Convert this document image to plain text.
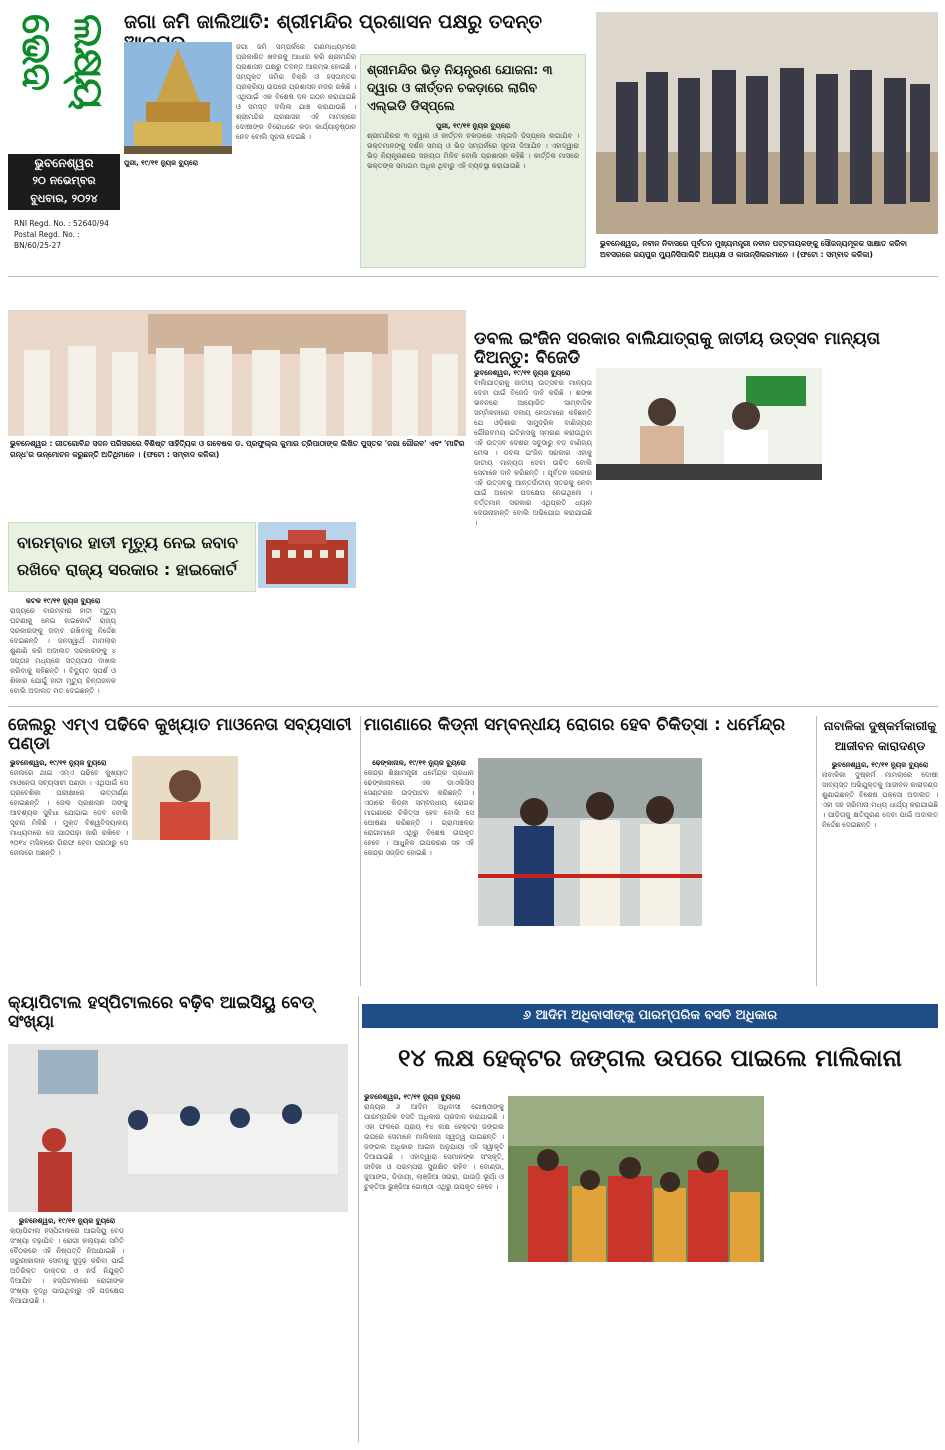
ଲକ୍ଷ୍ୟ ଭେଦ
ଭୁବନେଶ୍ୱର
୨୦ ନଭେମ୍ବର
ବୁଧବାର, ୨୦୨୪
RNI Regd. No. : 52640/94
Postal Regd. No. :
BN/60/25-27
ଜଗା ଜମି ଜାଲିଆତି: ଶ୍ରୀମନ୍ଦିର ପ୍ରଶାସନ ପକ୍ଷରୁ ତଦନ୍ତ
ଜଗା ଜମି ସମ୍ପର୍କରେ ଗଣମାଧ୍ୟମରେ ପ୍ରକାଶିତ ଖବରକୁ ଆଧାର କରି ଶ୍ରୀମନ୍ଦିର ପ୍ରଶାସନ ପକ୍ଷରୁ ତଦନ୍ତ ଆରମ୍ଭ ହୋଇଛି । ସମ୍ପୃକ୍ତ ଜମିର ବିକ୍ରି ଓ ହସ୍ତାନ୍ତର ପ୍ରକ୍ରିୟା ଉପରେ ପ୍ରଶାସନ ନଜର ରଖିଛି । ଏଥିପାଇଁ ଏକ ବିଶେଷ ଦଳ ଗଠନ କରାଯାଇଛି ଓ ସମସ୍ତ ଦଲିଲ ଯାଞ୍ଚ କରାଯାଉଛି । ଶ୍ରୀମନ୍ଦିର ପ୍ରଶାସନ ଏହି ମାମଲାରେ ଦୋଷୀଙ୍କ ବିରୋଧରେ କଡ଼ା କାର୍ଯ୍ୟାନୁଷ୍ଠାନ ନେବ ବୋଲି ସୂଚନା ଦେଇଛି ।
ପୁରୀ, ୧୯/୧୧ ନ୍ୟୁଜ ବ୍ୟୁରୋ
ଶ୍ରୀମନ୍ଦିର ଭିଡ଼ ନିୟନ୍ତ୍ରଣ ଯୋଜନା: ୩ ଦ୍ୱାର ଓ କୀର୍ତ୍ତନ ଚକଡ଼ାରେ ଲାଗିବ ଏଲ୍‌ଇଡି ଡିସ୍‌ପ୍ଲେ
ପୁରୀ, ୧୯/୧୧ ନ୍ୟୁଜ ବ୍ୟୁରୋ
ଶ୍ରୀମନ୍ଦିରର ୩ ଦ୍ୱାର ଓ କୀର୍ତ୍ତନ ଚକଡ଼ାରେ ଏଲ୍‌ଇଡି ଡିସ୍‌ପ୍ଲେ ଲଗାଯିବ । ଭକ୍ତମାନଙ୍କୁ ଦର୍ଶନ ସମୟ ଓ ଭିଡ଼ ସମ୍ପର୍କରେ ସୂଚନା ଦିଆଯିବ । ଏହାଦ୍ୱାରା ଭିଡ଼ ନିୟନ୍ତ୍ରଣରେ ସହାୟତା ମିଳିବ ବୋଲି ପ୍ରଶାସନ କହିଛି । କାର୍ତ୍ତିକ ମାସରେ ଭକ୍ତଙ୍କ ସମାଗମ ଅଧିକ ଥିବାରୁ ଏହି ବ୍ୟବସ୍ଥା କରାଯାଉଛି ।
ଭୁବନେଶ୍ୱର, ନବୀନ ନିବାସରେ ପୂର୍ବତନ ମୁଖ୍ୟମନ୍ତ୍ରୀ ନବୀନ ପଟ୍ଟନାୟକଙ୍କୁ ସୌଜନ୍ୟମୂଳକ ସାକ୍ଷାତ କରିବା ଅବସରରେ ଜୟପୁର ମ୍ୟୁନିସିପାଲିଟି ଅଧ୍ୟକ୍ଷ ଓ କାଉନ୍‌ସିଲରମାନେ । (ଫଟୋ : ସମ୍ବାଦ କଳିକା)
ଭୁବନେଶ୍ୱର : ଗୀତଗୋବିନ୍ଦ ସଦନ ପରିସରରେ ବିଶିଷ୍ଟ ସାହିତ୍ୟିକ ଓ ଗବେଷକ ଡ. ପ୍ରଫୁଲ୍ଲ କୁମାର ତ୍ରିପାଠୀଙ୍କ ଲିଖିତ ପୁସ୍ତକ 'ଜଗା ଗୌରବ' ଏବଂ 'ମାଟିର ଗନ୍ଧ'ର ଉନ୍ମୋଚନ କରୁଛନ୍ତି ଅତିଥିମାନେ । (ଫଟୋ : ସମ୍ବାଦ କଳିକା)
ଡବଲ ଇଂଜିନ ସରକାର ବାଲିଯାତ୍ରାକୁ ଜାତୀୟ ଉତ୍ସବ ମାନ୍ୟତା ଦିଅନ୍ତୁ: ବିଜେଡି
ଭୁବନେଶ୍ୱର, ୧୯/୧୧ ନ୍ୟୁଜ ବ୍ୟୁରୋ
ବାଲିଯାତ୍ରାକୁ ଜାତୀୟ ଉତ୍ସବର ମାନ୍ୟତା ଦେବା ପାଇଁ ବିଜେଡି ଦାବି କରିଛି । ଶଙ୍ଖ ଭବନରେ ଆୟୋଜିତ ସାମ୍ବାଦିକ ସମ୍ମିଳନୀରେ ଦଳୀୟ ନେତାମାନେ କହିଛନ୍ତି ଯେ ଓଡ଼ିଶାର ସାମୁଦ୍ରିକ ବାଣିଜ୍ୟର ଗୌରବମୟ ଇତିହାସକୁ ସ୍ମରଣ କରାଉଥିବା ଏହି ଉତ୍ସବ ଦେଶର ସବୁଠାରୁ ବଡ଼ ବାଣିଜ୍ୟ ମେଳା । ଡବଲ ଇଂଜିନ ସରକାର ଏହାକୁ ଜାତୀୟ ମାନ୍ୟତା ଦେବା ଉଚିତ ବୋଲି ସେମାନେ ଦାବି କରିଛନ୍ତି । ପୂର୍ବତନ ସରକାର ଏହି ଉତ୍ସବକୁ ଆନ୍ତର୍ଜାତୀୟ ସ୍ତରକୁ ନେବା ପାଇଁ ଅନେକ ପଦକ୍ଷେପ ନେଇଥିଲେ । ବର୍ତ୍ତମାନ ସରକାର ଏଥିପ୍ରତି ଧ୍ୟାନ ଦେଉନାହାନ୍ତି ବୋଲି ଅଭିଯୋଗ କରାଯାଇଛି ।
ବାରମ୍ବାର ହାତୀ ମୃତ୍ୟୁ ନେଇ ଜବାବ ରଖିବେ ରାଜ୍ୟ ସରକାର : ହାଇକୋର୍ଟ
କଟକ ୧୯/୧୧ ନ୍ୟୁଜ ବ୍ୟୁରୋ
ରାଜ୍ୟରେ ବାରମ୍ବାର ହାତୀ ମୃତ୍ୟୁ ଘଟଣାକୁ ନେଇ ହାଇକୋର୍ଟ ରାଜ୍ୟ ସରକାରଙ୍କୁ ଜବାବ ରଖିବାକୁ ନିର୍ଦ୍ଦେଶ ଦେଇଛନ୍ତି । ଜନସ୍ୱାର୍ଥ ମାମଲାର ଶୁଣାଣି କରି ଅଦାଲତ ସରକାରଙ୍କୁ ୪ ସପ୍ତାହ ମଧ୍ୟରେ ସତ୍ୟପାଠ ଦାଖଲ କରିବାକୁ କହିଛନ୍ତି । ବିଦ୍ୟୁତ ସ୍ପର୍ଶ ଓ ଶିକାର ଯୋଗୁଁ ହାତୀ ମୃତ୍ୟୁ ଚିନ୍ତାଜନକ ବୋଲି ଅଦାଲତ ମତ ଦେଇଛନ୍ତି ।
ଜେଲରୁ ଏମ୍‌ଏ ପଢିବେ କୁଖ୍ୟାତ ମାଓନେତା ସବ୍ୟସାଚୀ ପଣ୍ଡା
ଭୁବନେଶ୍ୱର, ୧୯/୧୧ ନ୍ୟୁଜ ବ୍ୟୁରୋ
ଜେଲରେ ଥାଇ ଏମ୍‌ଏ ପଢିବେ କୁଖ୍ୟାତ ମାଓନେତା ସବ୍ୟସାଚୀ ପଣ୍ଡା । ଏଥିପାଇଁ ସେ ପ୍ରବେଶିକା ପରୀକ୍ଷାରେ ଉତ୍ତୀର୍ଣ୍ଣ ହୋଇଛନ୍ତି । ଜେଲ ପ୍ରଶାସନ ତାଙ୍କୁ ଆବଶ୍ୟକ ସୁବିଧା ଯୋଗାଇ ଦେବ ବୋଲି ସୂଚନା ମିଳିଛି । ମୁକ୍ତ ବିଶ୍ୱବିଦ୍ୟାଳୟ ମାଧ୍ୟମରେ ସେ ପାଠପଢ଼ା ଜାରି ରଖିବେ । ୨୦୧୪ ମସିହାରେ ଗିରଫ ହେବା ପରଠାରୁ ସେ ଜେଲରେ ଅଛନ୍ତି ।
ମାଗଣାରେ କିଡ୍‌ନୀ ସମ୍ବନ୍ଧୀୟ ରୋଗର ହେବ ଚିକିତ୍ସା : ଧର୍ମେନ୍ଦ୍ର
ଢେଙ୍କାନାଳ, ୧୯/୧୧ ନ୍ୟୁଜ ବ୍ୟୁରୋ
କେନ୍ଦ୍ର ଶିକ୍ଷାମନ୍ତ୍ରୀ ଧର୍ମେନ୍ଦ୍ର ପ୍ରଧାନ ଢେଙ୍କାନାଳରେ ଏକ ଡାଏଲିସିସ ସେଣ୍ଟରର ଉଦ୍‌ଘାଟନ କରିଛନ୍ତି । ଏଠାରେ କିଡ୍‌ନୀ ସମ୍ବନ୍ଧୀୟ ରୋଗର ମାଗଣାରେ ଚିକିତ୍ସା ହେବ ବୋଲି ସେ ଘୋଷଣା କରିଛନ୍ତି । ଗ୍ରାମାଞ୍ଚଳର ରୋଗୀମାନେ ଏଥିରୁ ବିଶେଷ ଉପକୃତ ହେବେ । ଆଧୁନିକ ଉପକରଣ ସହ ଏହି କେନ୍ଦ୍ର ସଜ୍ଜିତ ହୋଇଛି ।
ନାବାଳିକା ଦୁଷ୍କର୍ମକାରୀକୁ ଆଜୀବନ କାରାଦଣ୍ଡ
ଭୁବନେଶ୍ୱର, ୧୯/୧୧ ନ୍ୟୁଜ ବ୍ୟୁରୋ
ନାବାଳିକା ଦୁଷ୍କର୍ମ ମାମଲାରେ ଦୋଷୀ ସାବ୍ୟସ୍ତ ଅଭିଯୁକ୍ତକୁ ଆଜୀବନ କାରାଦଣ୍ଡ ଶୁଣାଇଛନ୍ତି ବିଶେଷ ପକ୍ସୋ ଅଦାଲତ । ଏହା ସହ ଜରିମାନା ମଧ୍ୟ ଧାର୍ଯ୍ୟ କରାଯାଇଛି । ପୀଡ଼ିତାକୁ କ୍ଷତିପୂରଣ ଦେବା ପାଇଁ ଅଦାଲତ ନିର୍ଦ୍ଦେଶ ଦେଇଛନ୍ତି ।
କ୍ୟାପିଟାଲ ହସ୍ପିଟାଲରେ ବଢ଼ିବ ଆଇସିୟୁ ବେଡ୍ ସଂଖ୍ୟା
ଭୁବନେଶ୍ୱର, ୧୯/୧୧ ନ୍ୟୁଜ ବ୍ୟୁରୋ
କ୍ୟାପିଟାଲ ହସ୍ପିଟାଲରେ ଆଇସିୟୁ ବେଡ୍ ସଂଖ୍ୟା ବଢ଼ାଯିବ । ରୋଗୀ କଲ୍ୟାଣ ସମିତି ବୈଠକରେ ଏହି ନିଷ୍ପତ୍ତି ନିଆଯାଇଛି । ଜରୁରୀକାଳୀନ ସେବାକୁ ସୁଦୃଢ଼ କରିବା ପାଇଁ ଅତିରିକ୍ତ ଡାକ୍ତର ଓ ନର୍ସ ନିଯୁକ୍ତି ଦିଆଯିବ । ହସ୍ପିଟାଲରେ ରୋଗୀଙ୍କ ସଂଖ୍ୟା ବୃଦ୍ଧି ପାଉଥିବାରୁ ଏହି ପଦକ୍ଷେପ ନିଆଯାଉଛି ।
୬ ଆଦିମ ଅଧିବାସୀଙ୍କୁ ପାରମ୍ପରିକ ବସତି ଅଧିକାର
୧୪ ଲକ୍ଷ ହେକ୍ଟର ଜଙ୍ଗଲ ଉପରେ ପାଇଲେ ମାଲିକାନା
ଭୁବନେଶ୍ୱର, ୧୯/୧୧ ନ୍ୟୁଜ ବ୍ୟୁରୋ
ରାଜ୍ୟର ୬ ଆଦିମ ଅଧିବାସୀ ଗୋଷ୍ଠୀଙ୍କୁ ପାରମ୍ପରିକ ବସତି ଅଧିକାର ପ୍ରଦାନ କରାଯାଇଛି । ଏହା ଫଳରେ ପ୍ରାୟ ୧୪ ଲକ୍ଷ ହେକ୍ଟର ଜଙ୍ଗଲ ଉପରେ ସେମାନେ ମାଲିକାନା ସ୍ୱତ୍ୱ ପାଇଛନ୍ତି । ଜଙ୍ଗଲ ଅଧିକାର ଆଇନ ଅନୁଯାୟୀ ଏହି ସ୍ୱୀକୃତି ଦିଆଯାଇଛି । ଏହାଦ୍ୱାରା ସେମାନଙ୍କ ସଂସ୍କୃତି, ଜୀବିକା ଓ ପରମ୍ପରା ସୁରକ୍ଷିତ ରହିବ । ବୋଣ୍ଡା, ଜୁଆଙ୍ଗ, ଡିଡାୟୀ, ଲାଞ୍ଜିଆ ସଉରା, ପାଉଡ଼ି ଭୂୟାଁ ଓ ଚୁକ୍ତିଆ ଭୁଞ୍ଜିଆ ଗୋଷ୍ଠୀ ଏଥିରୁ ଉପକୃତ ହେବେ ।
